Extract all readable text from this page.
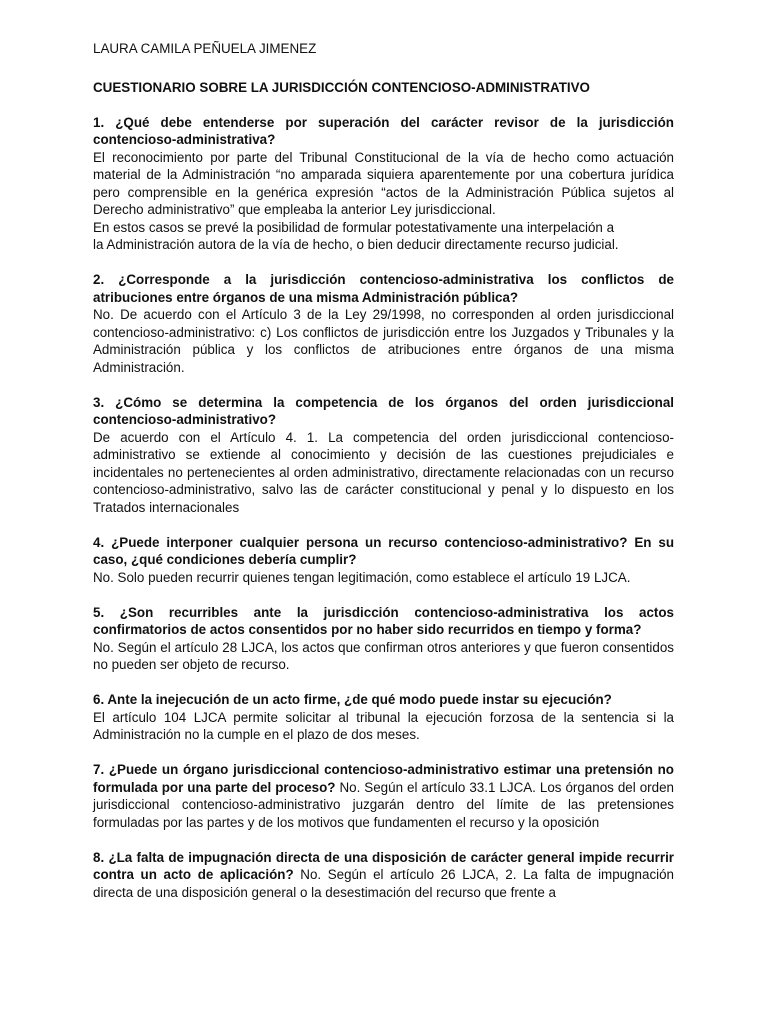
LAURA CAMILA PEÑUELA JIMENEZ

CUESTIONARIO SOBRE LA JURISDICCIÓN CONTENCIOSO-ADMINISTRATIVO

1. ¿Qué debe entenderse por superación del carácter revisor de la jurisdicción contencioso-administrativa?

El reconocimiento por parte del Tribunal Constitucional de la vía de hecho como actuación material de la Administración “no amparada siquiera aparentemente por una cobertura jurídica pero comprensible en la genérica expresión “actos de la Administración Pública sujetos al Derecho administrativo” que empleaba la anterior Ley jurisdiccional.

En estos casos se prevé la posibilidad de formular potestativamente una interpelación a

la Administración autora de la vía de hecho, o bien deducir directamente recurso judicial.

2. ¿Corresponde a la jurisdicción contencioso-administrativa los conflictos de atribuciones entre órganos de una misma Administración pública?

No. De acuerdo con el Artículo 3 de la Ley 29/1998, no corresponden al orden jurisdiccional contencioso-administrativo: c) Los conflictos de jurisdicción entre los Juzgados y Tribunales y la Administración pública y los conflictos de atribuciones entre órganos de una misma Administración.

3. ¿Cómo se determina la competencia de los órganos del orden jurisdiccional contencioso-administrativo?

De acuerdo con el Artículo 4. 1. La competencia del orden jurisdiccional contencioso-administrativo se extiende al conocimiento y decisión de las cuestiones prejudiciales e incidentales no pertenecientes al orden administrativo, directamente relacionadas con un recurso contencioso-administrativo, salvo las de carácter constitucional y penal y lo dispuesto en los Tratados internacionales

4. ¿Puede interponer cualquier persona un recurso contencioso-administrativo? En su caso, ¿qué condiciones debería cumplir?

No. Solo pueden recurrir quienes tengan legitimación, como establece el artículo 19 LJCA.

5. ¿Son recurribles ante la jurisdicción contencioso-administrativa los actos confirmatorios de actos consentidos por no haber sido recurridos en tiempo y forma?

No. Según el artículo 28 LJCA, los actos que confirman otros anteriores y que fueron consentidos no pueden ser objeto de recurso.

6. Ante la inejecución de un acto firme, ¿de qué modo puede instar su ejecución?

El artículo 104 LJCA permite solicitar al tribunal la ejecución forzosa de la sentencia si la Administración no la cumple en el plazo de dos meses.

7. ¿Puede un órgano jurisdiccional contencioso-administrativo estimar una pretensión no formulada por una parte del proceso? No. Según el artículo 33.1 LJCA. Los órganos del orden jurisdiccional contencioso-administrativo juzgarán dentro del límite de las pretensiones formuladas por las partes y de los motivos que fundamenten el recurso y la oposición

8. ¿La falta de impugnación directa de una disposición de carácter general impide recurrir contra un acto de aplicación? No. Según el artículo 26 LJCA, 2. La falta de impugnación directa de una disposición general o la desestimación del recurso que frente a
